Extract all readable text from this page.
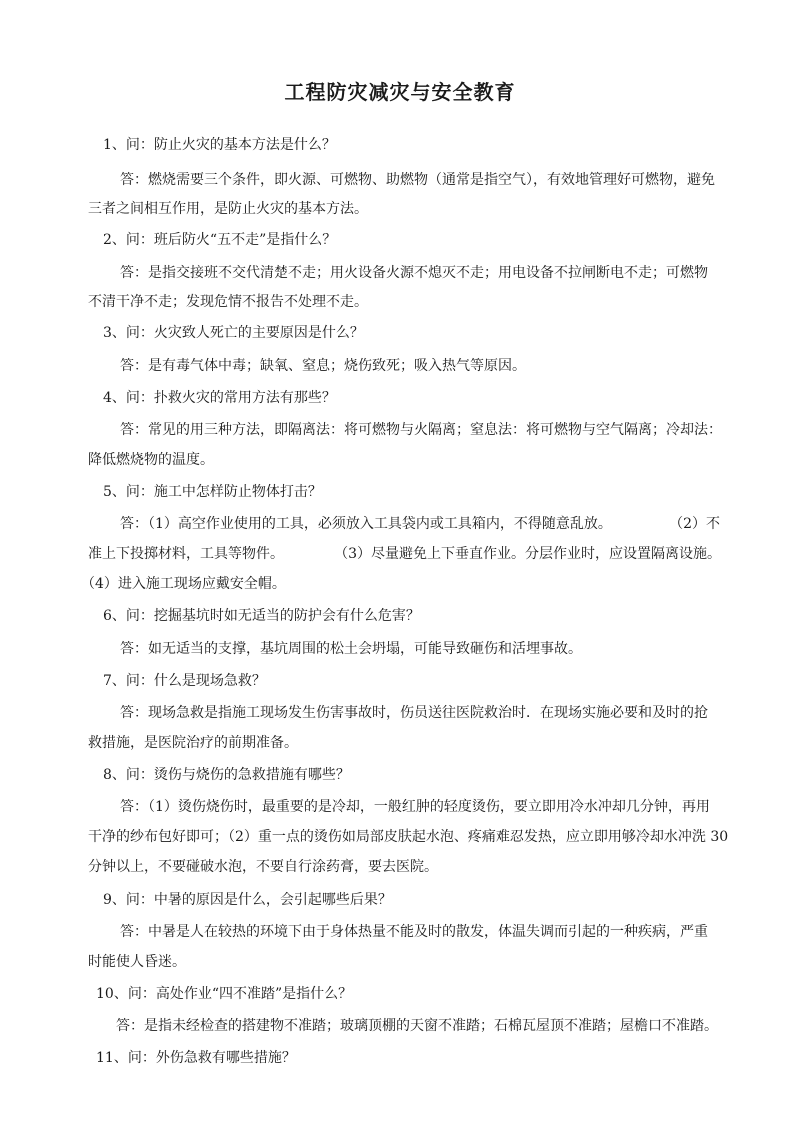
工程防灾减灾与安全教育
1、问：防止火灾的基本方法是什么？
答：燃烧需要三个条件，即火源、可燃物、助燃物（通常是指空气），有效地管理好可燃物，避免
三者之间相互作用，是防止火灾的基本方法。
2、问：班后防火“五不走”是指什么？
答：是指交接班不交代清楚不走；用火设备火源不熄灭不走；用电设备不拉闸断电不走；可燃物
不清干净不走；发现危情不报告不处理不走。
3、问：火灾致人死亡的主要原因是什么？
答：是有毒气体中毒；缺氧、窒息；烧伤致死；吸入热气等原因。
4、问：扑救火灾的常用方法有那些？
答：常见的用三种方法，即隔离法：将可燃物与火隔离；窒息法：将可燃物与空气隔离；冷却法：
降低燃烧物的温度。
5、问：施工中怎样防止物体打击？
答：（1）高空作业使用的工具，必须放入工具袋内或工具箱内，不得随意乱放。	（2）不
准上下投掷材料，工具等物件。	（3）尽量避免上下垂直作业。分层作业时，应设置隔离设施。
（4）进入施工现场应戴安全帽。
6、问：挖掘基坑时如无适当的防护会有什么危害？
答：如无适当的支撑，基坑周围的松土会坍塌，可能导致砸伤和活埋事故。
7、问：什么是现场急救？
答：现场急救是指施工现场发生伤害事故时，伤员送往医院救治时．在现场实施必要和及时的抢
救措施，是医院治疗的前期准备。
8、问：烫伤与烧伤的急救措施有哪些？
答：（1）烫伤烧伤时，最重要的是冷却，一般红肿的轻度烫伤，要立即用冷水冲却几分钟，再用
干净的纱布包好即可；（2）重一点的烫伤如局部皮肤起水泡、疼痛难忍发热，应立即用够冷却水冲洗 30
分钟以上，不要碰破水泡，不要自行涂药膏，要去医院。
9、问：中暑的原因是什么，会引起哪些后果？
答：中暑是人在较热的环境下由于身体热量不能及时的散发，体温失调而引起的一种疾病，严重
时能使人昏迷。
10、问：高处作业“四不准踏”是指什么？
答：是指未经检查的搭建物不准踏；玻璃顶棚的天窗不准踏；石棉瓦屋顶不准踏；屋檐口不准踏。
11、问：外伤急救有哪些措施？
